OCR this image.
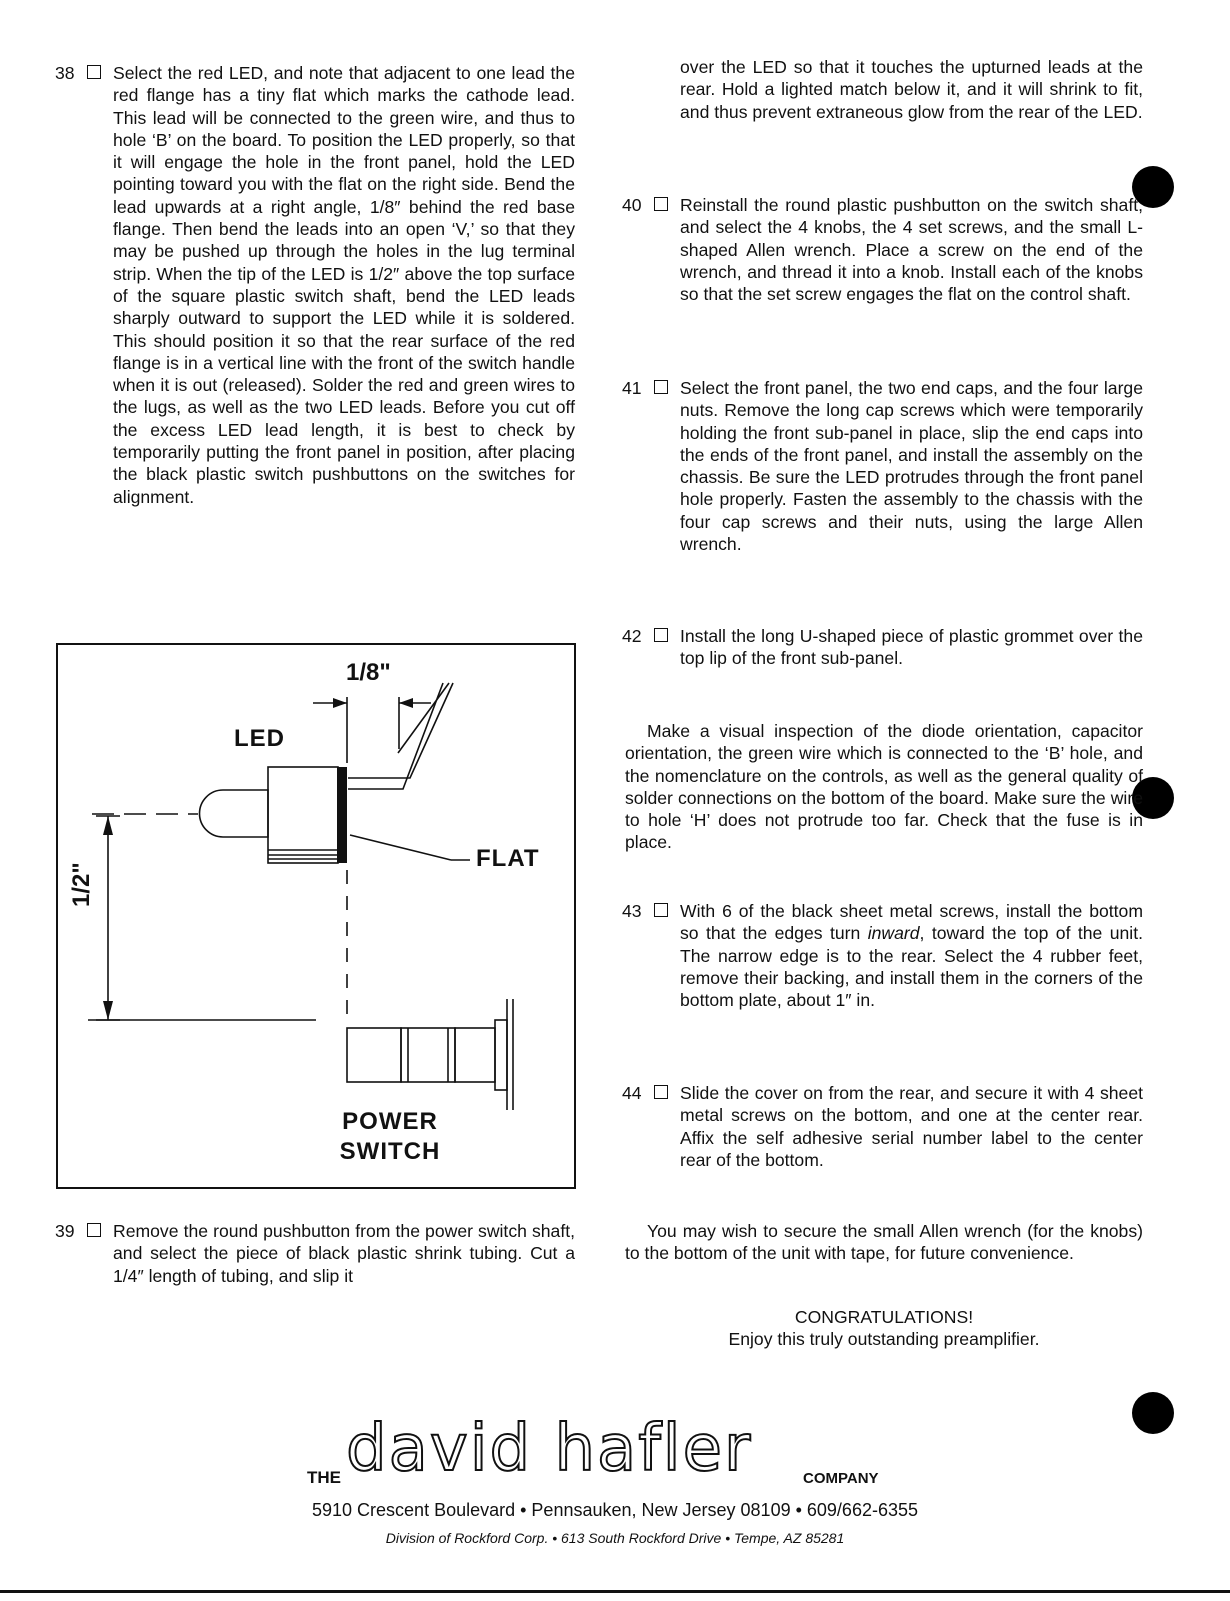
38	Select the red LED, and note that adjacent to one lead the red flange has a tiny flat which marks the cathode lead. This lead will be connected to the green wire, and thus to hole ‘B’ on the board. To position the LED properly, so that it will engage the hole in the front panel, hold the LED pointing toward you with the flat on the right side. Bend the lead upwards at a right angle, 1/8″ behind the red base flange. Then bend the leads into an open ‘V,’ so that they may be pushed up through the holes in the lug terminal strip. When the tip of the LED is 1/2″ above the top surface of the square plastic switch shaft, bend the LED leads sharply outward to support the LED while it is soldered. This should position it so that the rear surface of the red flange is in a vertical line with the front of the switch handle when it is out (released). Solder the red and green wires to the lugs, as well as the two LED leads. Before you cut off the excess LED lead length, it is best to check by temporarily putting the front panel in position, after placing the black plastic switch pushbuttons on the switches for alignment.
1/8"
LED
FLAT
1/2"
POWER
SWITCH
39	Remove the round pushbutton from the power switch shaft, and select the piece of black plastic shrink tubing. Cut a 1/4″ length of tubing, and slip it
over the LED so that it touches the upturned leads at the rear. Hold a lighted match below it, and it will shrink to fit, and thus prevent extraneous glow from the rear of the LED.
40	Reinstall the round plastic pushbutton on the switch shaft, and select the 4 knobs, the 4 set screws, and the small L-shaped Allen wrench. Place a screw on the end of the wrench, and thread it into a knob. Install each of the knobs so that the set screw engages the flat on the control shaft.
41	Select the front panel, the two end caps, and the four large nuts. Remove the long cap screws which were temporarily holding the front sub-panel in place, slip the end caps into the ends of the front panel, and install the assembly on the chassis. Be sure the LED protrudes through the front panel hole properly. Fasten the assembly to the chassis with the four cap screws and their nuts, using the large Allen wrench.
42	Install the long U-shaped piece of plastic grommet over the top lip of the front sub-panel.
Make a visual inspection of the diode orientation, capacitor orientation, the green wire which is connected to the ‘B’ hole, and the nomenclature on the controls, as well as the general quality of solder connections on the bottom of the board. Make sure the wire to hole ‘H’ does not protrude too far. Check that the fuse is in place.
43	With 6 of the black sheet metal screws, install the bottom so that the edges turn inward, toward the top of the unit. The narrow edge is to the rear. Select the 4 rubber feet, remove their backing, and install them in the corners of the bottom plate, about 1″ in.
44	Slide the cover on from the rear, and secure it with 4 sheet metal screws on the bottom, and one at the center rear. Affix the self adhesive serial number label to the center rear of the bottom.
You may wish to secure the small Allen wrench (for the knobs) to the bottom of the unit with tape, for future convenience.
CONGRATULATIONS!
Enjoy this truly outstanding preamplifier.
THE david hafler	COMPANY
5910 Crescent Boulevard • Pennsauken, New Jersey 08109 • 609/662-6355
Division of Rockford Corp. • 613 South Rockford Drive • Tempe, AZ 85281
